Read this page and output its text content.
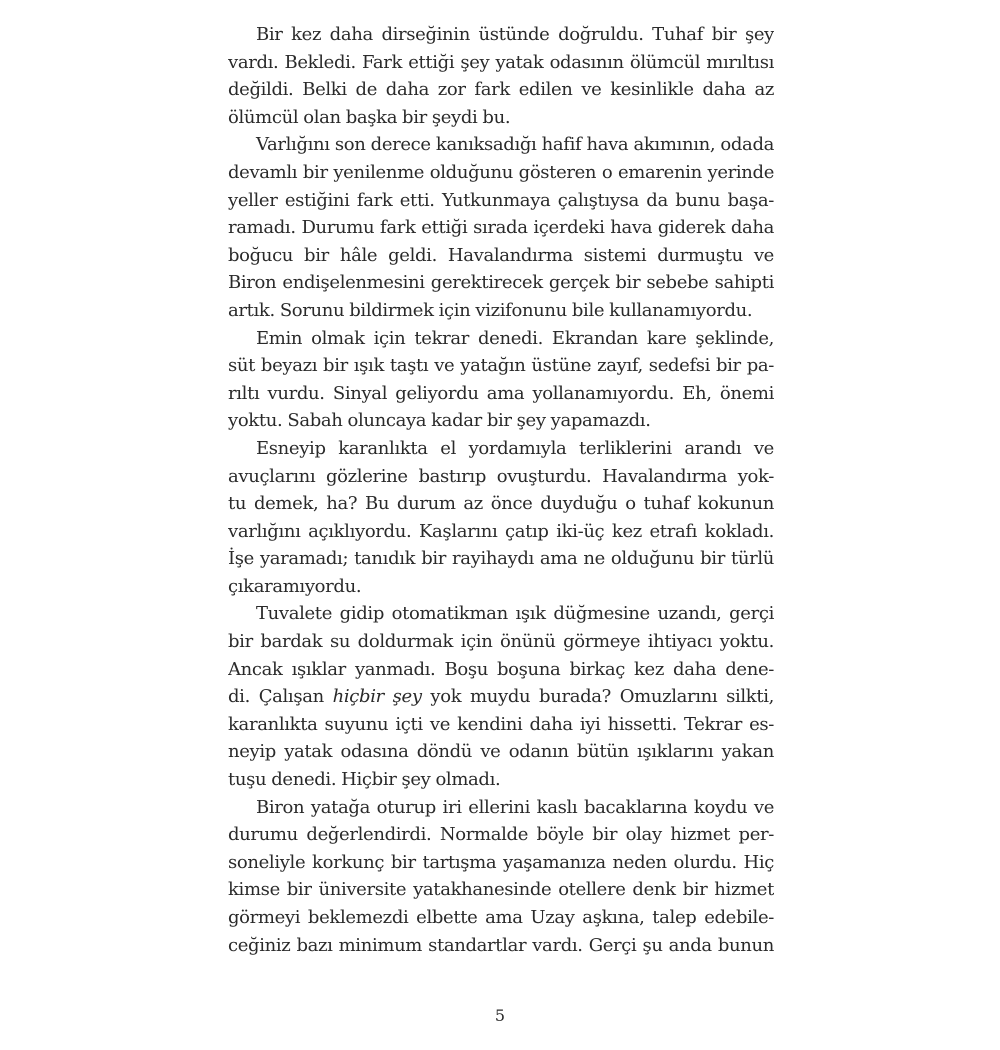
Bir kez daha dirseğinin üstünde doğruldu. Tuhaf bir şey
vardı. Bekledi. Fark ettiği şey yatak odasının ölümcül mırıltısı
değildi. Belki de daha zor fark edilen ve kesinlikle daha az
ölümcül olan başka bir şeydi bu.
Varlığını son derece kanıksadığı hafif hava akımının, odada
devamlı bir yenilenme olduğunu gösteren o emarenin yerinde
yeller estiğini fark etti. Yutkunmaya çalıştıysa da bunu başa-
ramadı. Durumu fark ettiği sırada içerdeki hava giderek daha
boğucu bir hâle geldi. Havalandırma sistemi durmuştu ve
Biron endişelenmesini gerektirecek gerçek bir sebebe sahipti
artık. Sorunu bildirmek için vizifonunu bile kullanamıyordu.
Emin olmak için tekrar denedi. Ekrandan kare şeklinde,
süt beyazı bir ışık taştı ve yatağın üstüne zayıf, sedefsi bir pa-
rıltı vurdu. Sinyal geliyordu ama yollanamıyordu. Eh, önemi
yoktu. Sabah oluncaya kadar bir şey yapamazdı.
Esneyip karanlıkta el yordamıyla terliklerini arandı ve
avuçlarını gözlerine bastırıp ovuşturdu. Havalandırma yok-
tu demek, ha? Bu durum az önce duyduğu o tuhaf kokunun
varlığını açıklıyordu. Kaşlarını çatıp iki-üç kez etrafı kokladı.
İşe yaramadı; tanıdık bir rayihaydı ama ne olduğunu bir türlü
çıkaramıyordu.
Tuvalete gidip otomatikman ışık düğmesine uzandı, gerçi
bir bardak su doldurmak için önünü görmeye ihtiyacı yoktu.
Ancak ışıklar yanmadı. Boşu boşuna birkaç kez daha dene-
di. Çalışan hiçbir şey yok muydu burada? Omuzlarını silkti,
karanlıkta suyunu içti ve kendini daha iyi hissetti. Tekrar es-
neyip yatak odasına döndü ve odanın bütün ışıklarını yakan
tuşu denedi. Hiçbir şey olmadı.
Biron yatağa oturup iri ellerini kaslı bacaklarına koydu ve
durumu değerlendirdi. Normalde böyle bir olay hizmet per-
soneliyle korkunç bir tartışma yaşamanıza neden olurdu. Hiç
kimse bir üniversite yatakhanesinde otellere denk bir hizmet
görmeyi beklemezdi elbette ama Uzay aşkına, talep edebile-
ceğiniz bazı minimum standartlar vardı. Gerçi şu anda bunun
5
